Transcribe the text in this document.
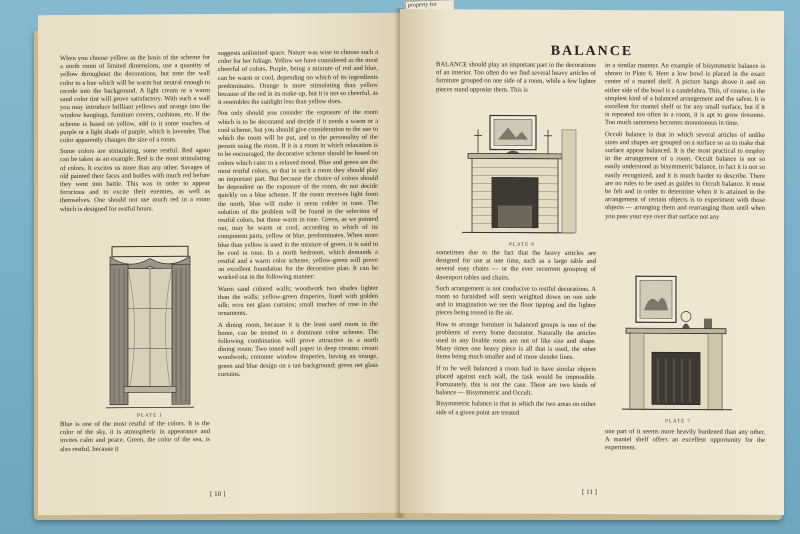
property for

When you choose yellow as the basis of the scheme for a north room of limited dimensions, use a quantity of yellow throughout the decorations, but tone the wall color to a hue which will be warm but neutral enough to recede into the background. A light cream or a warm sand color tint will prove satisfactory. With such a wall you may introduce brilliant yellows and orange into the window hangings, furniture covers, cushions, etc. If the scheme is based on yellow, add to it some touches of purple or a light shade of purple, which is lavender. That color apparently changes the size of a room.

Some colors are stimulating, some restful. Red again can be taken as an example. Red is the most stimulating of colors. It excites us more than any other. Savages of old painted their faces and bodies with much red before they went into battle. This was in order to appear ferocious and to excite their enemies, as well as themselves. One should not use much red in a room which is designed for restful hours.

PLATE 1

Blue is one of the most restful of the colors. It is the color of the sky, it is atmospheric in appearance and invites calm and peace. Green, the color of the sea, is also restful, because it

suggests unlimited space. Nature was wise to choose such a color for her foliage. Yellow we have considered as the most cheerful of colors. Purple, being a mixture of red and blue, can be warm or cool, depending on which of its ingredients predominates. Orange is more stimulating than yellow because of the red in its make-up, but it is not so cheerful, as it resembles the sunlight less than yellow does.

Not only should you consider the exposure of the room which is to be decorated and decide if it needs a warm or a cool scheme, but you should give consideration to the use to which the room will be put, and to the personality of the person using the room. If it is a room in which relaxation is to be encouraged, the decorative scheme should be based on colors which cater to a relaxed mood. Blue and green are the most restful colors, so that in such a room they should play an important part. But because the choice of colors should be dependent on the exposure of the room, do not decide quickly on a blue scheme. If the room receives light from the north, blue will make it seem colder in tone. The solution of the problem will be found in the selection of restful colors, but those warm in tone. Green, as we pointed out, may be warm or cool, according to which of its component parts, yellow or blue, predominates. When more blue than yellow is used in the mixture of green, it is said to be cool in tone. In a north bedroom, which demands a restful and a warm color scheme, yellow-green will prove an excellent foundation for the decorative plan. It can be worked out in the following manner:

Warm sand colored walls; woodwork two shades lighter than the walls; yellow-green draperies, lined with golden silk; ecru net glass curtains; small touches of rose in the ornaments.

A dining room, because it is the least used room in the home, can be treated to a dominant color scheme. The following combination will prove attractive in a north dining room: Two toned wall paper in deep creams; cream woodwork; cretonne window draperies, having an orange, green and blue design on a tan background; green net glass curtains.

[ 10 ]
BALANCE

BALANCE should play an important part in the decorations of an interior. Too often do we find several heavy articles of furniture grouped on one side of a room, while a few lighter pieces stand opposite them. This is

PLATE 6

sometimes due to the fact that the heavy articles are designed for use at one time, such as a large table and several easy chairs — or the ever recurrent grouping of davenport tables and chairs.

Such arrangement is not conducive to restful decorations. A room so furnished will seem weighted down on one side and in imagination we see the floor tipping and the lighter pieces being tossed in the air.

How to arrange furniture in balanced groups is one of the problems of every home decorator. Naturally the articles used in any livable room are not of like size and shape. Many times one heavy piece is all that is used, the other items being much smaller and of more slender lines.

If to be well balanced a room had to have similar objects placed against each wall, the task would be impossible. Fortunately, this is not the case. There are two kinds of balance — Bisymmetric and Occult.

Bisymmetric balance is that in which the two areas on either side of a given point are treated

in a similar manner. An example of bisymmetric balance is shown in Plate 6. Here a low bowl is placed in the exact center of a mantel shelf. A picture hangs above it and on either side of the bowl is a candelabra. This, of course, is the simplest kind of a balanced arrangement and the safest. It is excellent for mantel shelf or for any small surface, but if it is repeated too often in a room, it is apt to grow tiresome. Too much sameness becomes monotonous in time.

Occult balance is that in which several articles of unlike sizes and shapes are grouped on a surface so as to make that surface appear balanced. It is the most practical to employ in the arrangement of a room. Occult balance is not so easily understood as bisymmetric balance, in fact it is not so easily recognized, and it is much harder to describe. There are no rules to be used as guides to Occult balance. It must be felt and in order to determine when it is attained in the arrangement of certain objects is to experiment with those objects — arranging them and rearranging them until when you pass your eye over that surface not any

PLATE 7

one part of it seems more heavily burdened than any other. A mantel shelf offers an excellent opportunity for the experiment.

[ 11 ]
